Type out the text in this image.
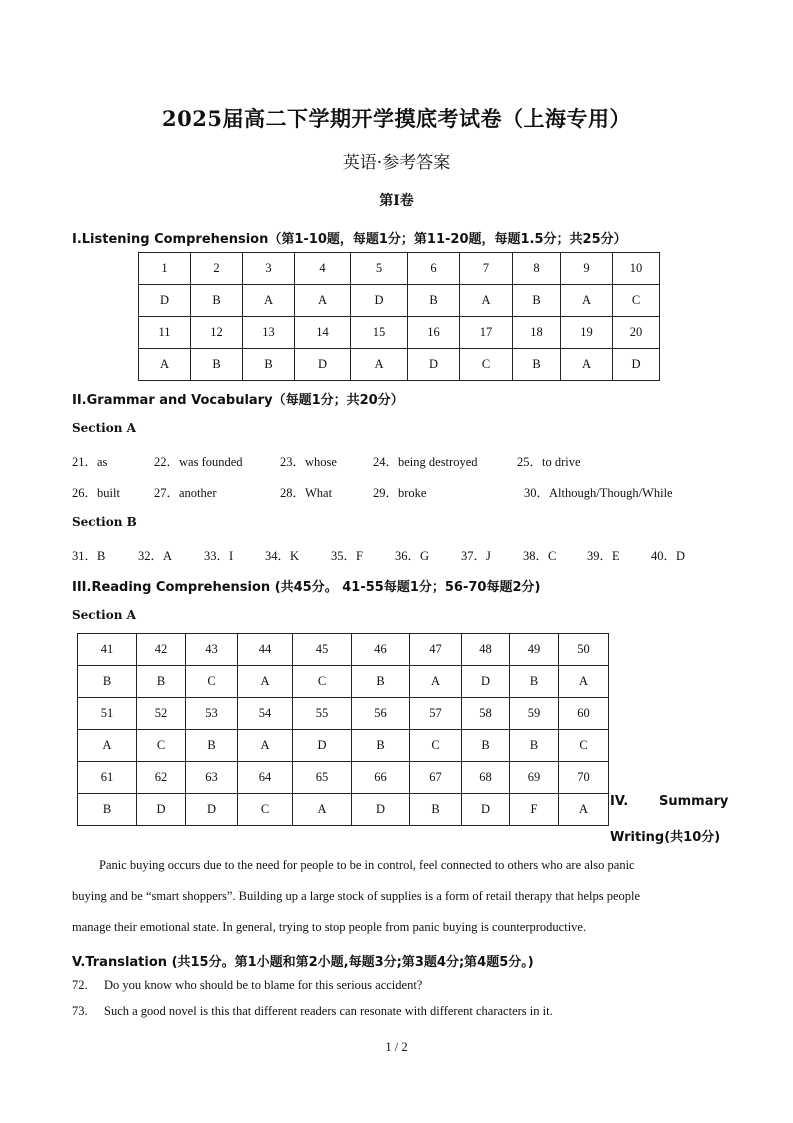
2025届高二下学期开学摸底考试卷（上海专用）
英语·参考答案
第Ⅰ卷
I.Listening Comprehension（第1-10题，每题1分；第11-20题，每题1.5分；共25分）
1	2	3	4	5	6	7	8	9	10
D	B	A	A	D	B	A	B	A	C
11	12	13	14	15	16	17	18	19	20
A	B	B	D	A	D	C	B	A	D
II.Grammar and Vocabulary（每题1分；共20分）
Section A
21．as	22．was founded	23．whose	24．being destroyed	25．to drive
26．built	27．another	28．What	29．broke	30．Although/Though/While
Section B
31．B	32．A	33．I	34．K	35．F	36．G	37．J	38．C 39．E	40．D
III.Reading Comprehension (共45分。 41-55每题1分；56-70每题2分)
Section A
41	42	43	44	45	46	47	48	49	50
B	B	C	A	C	B	A	D	B	A
51	52	53	54	55	56	57	58	59	60
A	C	B	A	D	B	C	B	B	C
61	62	63	64	65	66	67	68	69	70
B	D	D	C	A	D	B	D	F	A IV. Summary
Writing(共10分)
Panic buying occurs due to the need for people to be in control, feel connected to others who are also panic
buying and be “smart shoppers”. Building up a large stock of supplies is a form of retail therapy that helps people
manage their emotional state. In general, trying to stop people from panic buying is counterproductive.
V.Translation (共15分。第1小题和第2小题,每题3分;第3题4分;第4题5分。)
72. Do you know who should be to blame for this serious accident?
73. Such a good novel is this that different readers can resonate with different characters in it.
1 / 2
